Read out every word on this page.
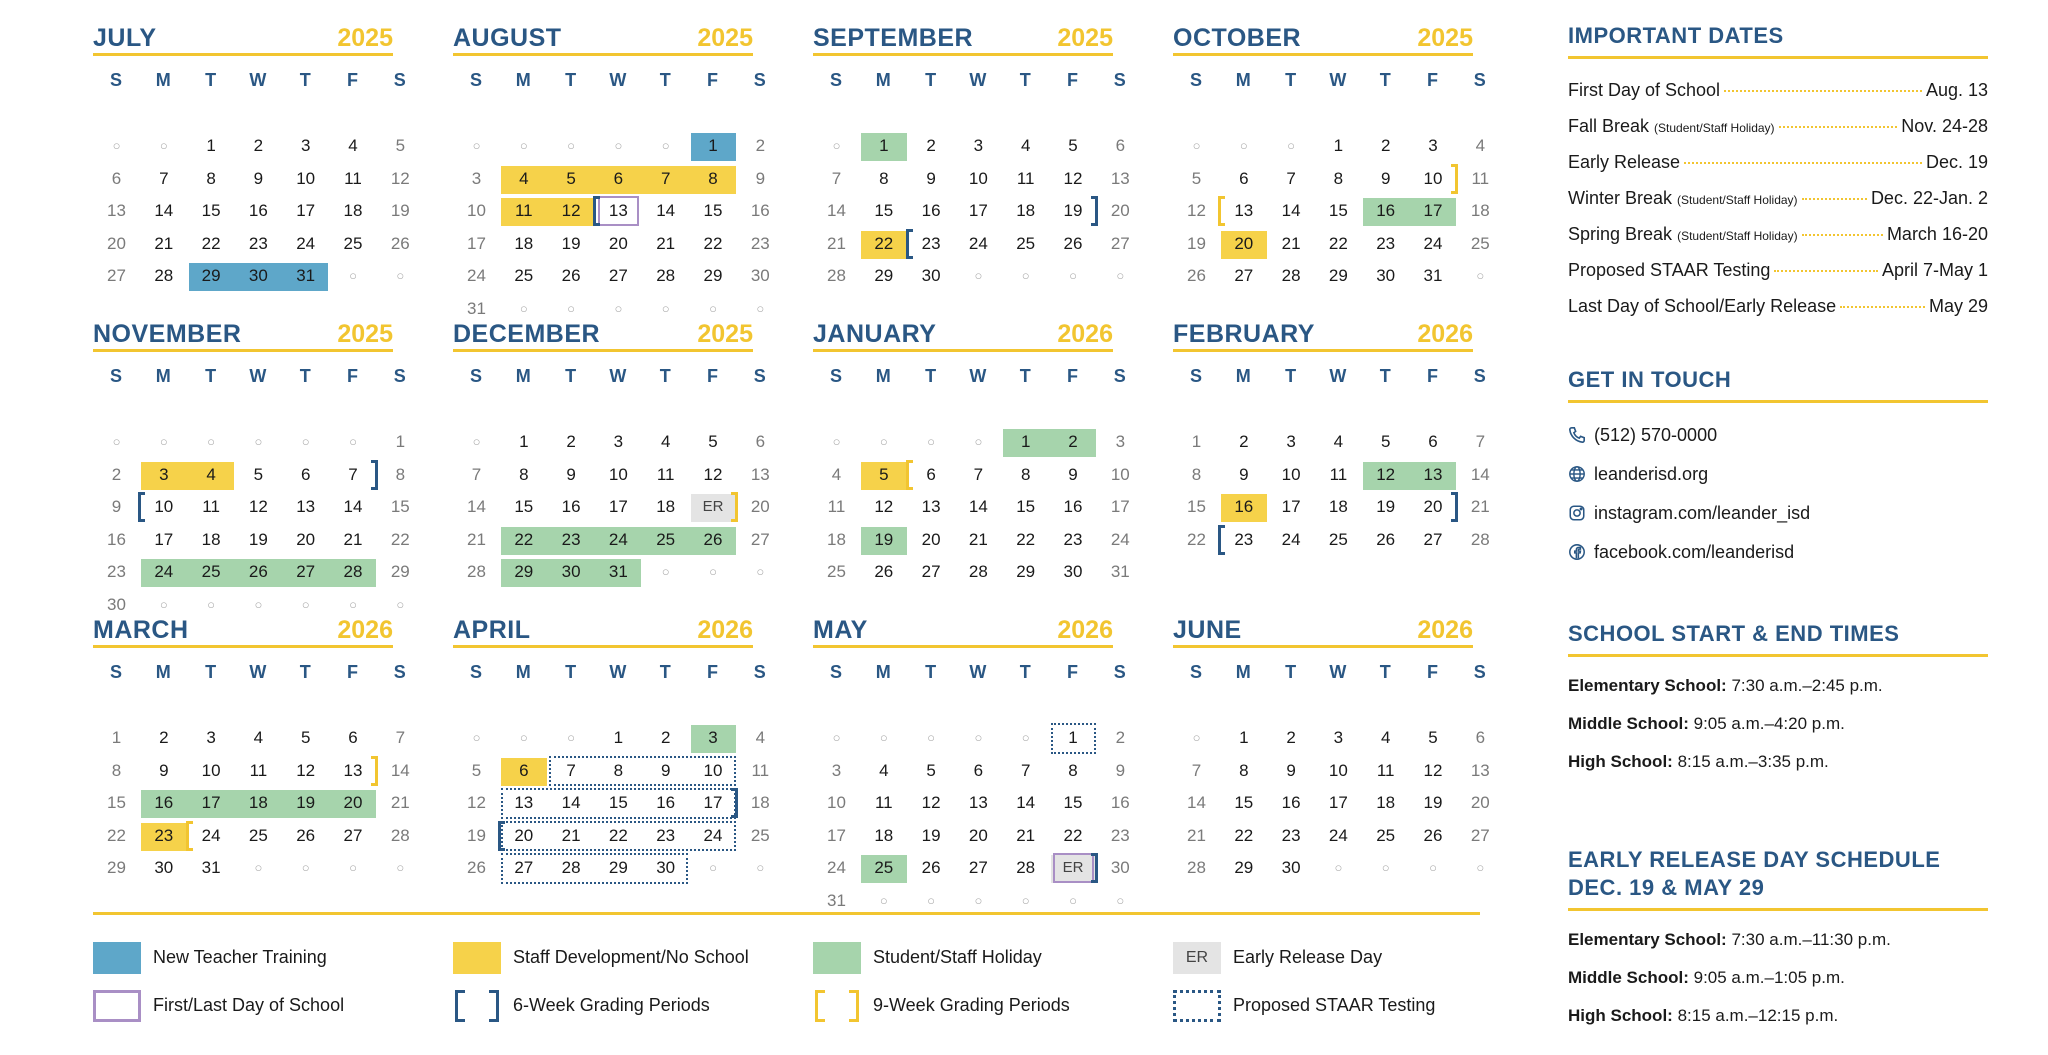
JULY	2025
S	M	T	W	T	F	S
○	○	1	2	3	4	5
6	7	8	9	10	11	12
13	14	15	16	17	18	19
20	21	22	23	24	25	26
27	28	29	30	31	○	○
AUGUST	2025
S	M	T	W	T	F	S
○	○	○	○	○	1	2
3	4	5	6	7	8	9
10	11	12	13	14	15	16
17	18	19	20	21	22	23
24	25	26	27	28	29	30
31	○	○	○	○	○	○
SEPTEMBER	2025
S	M	T	W	T	F	S
○	1	2	3	4	5	6
7	8	9	10	11	12	13
14	15	16	17	18	19	20
21	22	23	24	25	26	27
28	29	30	○	○	○	○
OCTOBER	2025
S	M	T	W	T	F	S
○	○	○	1	2	3	4
5	6	7	8	9	10	11
12	13	14	15	16	17	18
19	20	21	22	23	24	25
26	27	28	29	30	31	○
NOVEMBER	2025
S	M	T	W	T	F	S
○	○	○	○	○	○	1
2	3	4	5	6	7	8
9	10	11	12	13	14	15
16	17	18	19	20	21	22
23	24	25	26	27	28	29
30	○	○	○	○	○	○
DECEMBER	2025
S	M	T	W	T	F	S
○	1	2	3	4	5	6
7	8	9	10	11	12	13
14	15	16	17	18	ER	20
21	22	23	24	25	26	27
28	29	30	31	○	○	○
JANUARY	2026
S	M	T	W	T	F	S
○	○	○	○	1	2	3
4	5	6	7	8	9	10
11	12	13	14	15	16	17
18	19	20	21	22	23	24
25	26	27	28	29	30	31
FEBRUARY	2026
S	M	T	W	T	F	S
1	2	3	4	5	6	7
8	9	10	11	12	13	14
15	16	17	18	19	20	21
22	23	24	25	26	27	28
MARCH	2026
S	M	T	W	T	F	S
1	2	3	4	5	6	7
8	9	10	11	12	13	14
15	16	17	18	19	20	21
22	23	24	25	26	27	28
29	30	31	○	○	○	○
APRIL	2026
S	M	T	W	T	F	S
○	○	○	1	2	3	4
5	6	7	8	9	10	11
12	13	14	15	16	17	18
19	20	21	22	23	24	25
26	27	28	29	30	○	○
MAY	2026
S	M	T	W	T	F	S
○	○	○	○	○	1	2
3	4	5	6	7	8	9
10	11	12	13	14	15	16
17	18	19	20	21	22	23
24	25	26	27	28	ER	30
31	○	○	○	○	○	○
JUNE	2026
S	M	T	W	T	F	S
○	1	2	3	4	5	6
7	8	9	10	11	12	13
14	15	16	17	18	19	20
21	22	23	24	25	26	27
28	29	30	○	○	○	○
New Teacher Training	Staff Development/No School	Student/Staff Holiday	ER	Early Release Day
First/Last Day of School	6-Week Grading Periods	9-Week Grading Periods	Proposed STAAR Testing
IMPORTANT DATES
First Day of School	Aug. 13
Fall Break (Student/Staff Holiday)	Nov. 24-28
Early Release	Dec. 19
Winter Break (Student/Staff Holiday)	Dec. 22-Jan. 2
Spring Break (Student/Staff Holiday)	March 16-20
Proposed STAAR Testing	April 7-May 1
Last Day of School/Early Release	May 29
GET IN TOUCH
(512) 570-0000
leanderisd.org
instagram.com/leander_isd
facebook.com/leanderisd
SCHOOL START & END TIMES
Elementary School: 7:30 a.m.–2:45 p.m.
Middle School: 9:05 a.m.–4:20 p.m.
High School: 8:15 a.m.–3:35 p.m.
EARLY RELEASE DAY SCHEDULE
DEC. 19 & MAY 29
Elementary School: 7:30 a.m.–11:30 p.m.
Middle School: 9:05 a.m.–1:05 p.m.
High School: 8:15 a.m.–12:15 p.m.
